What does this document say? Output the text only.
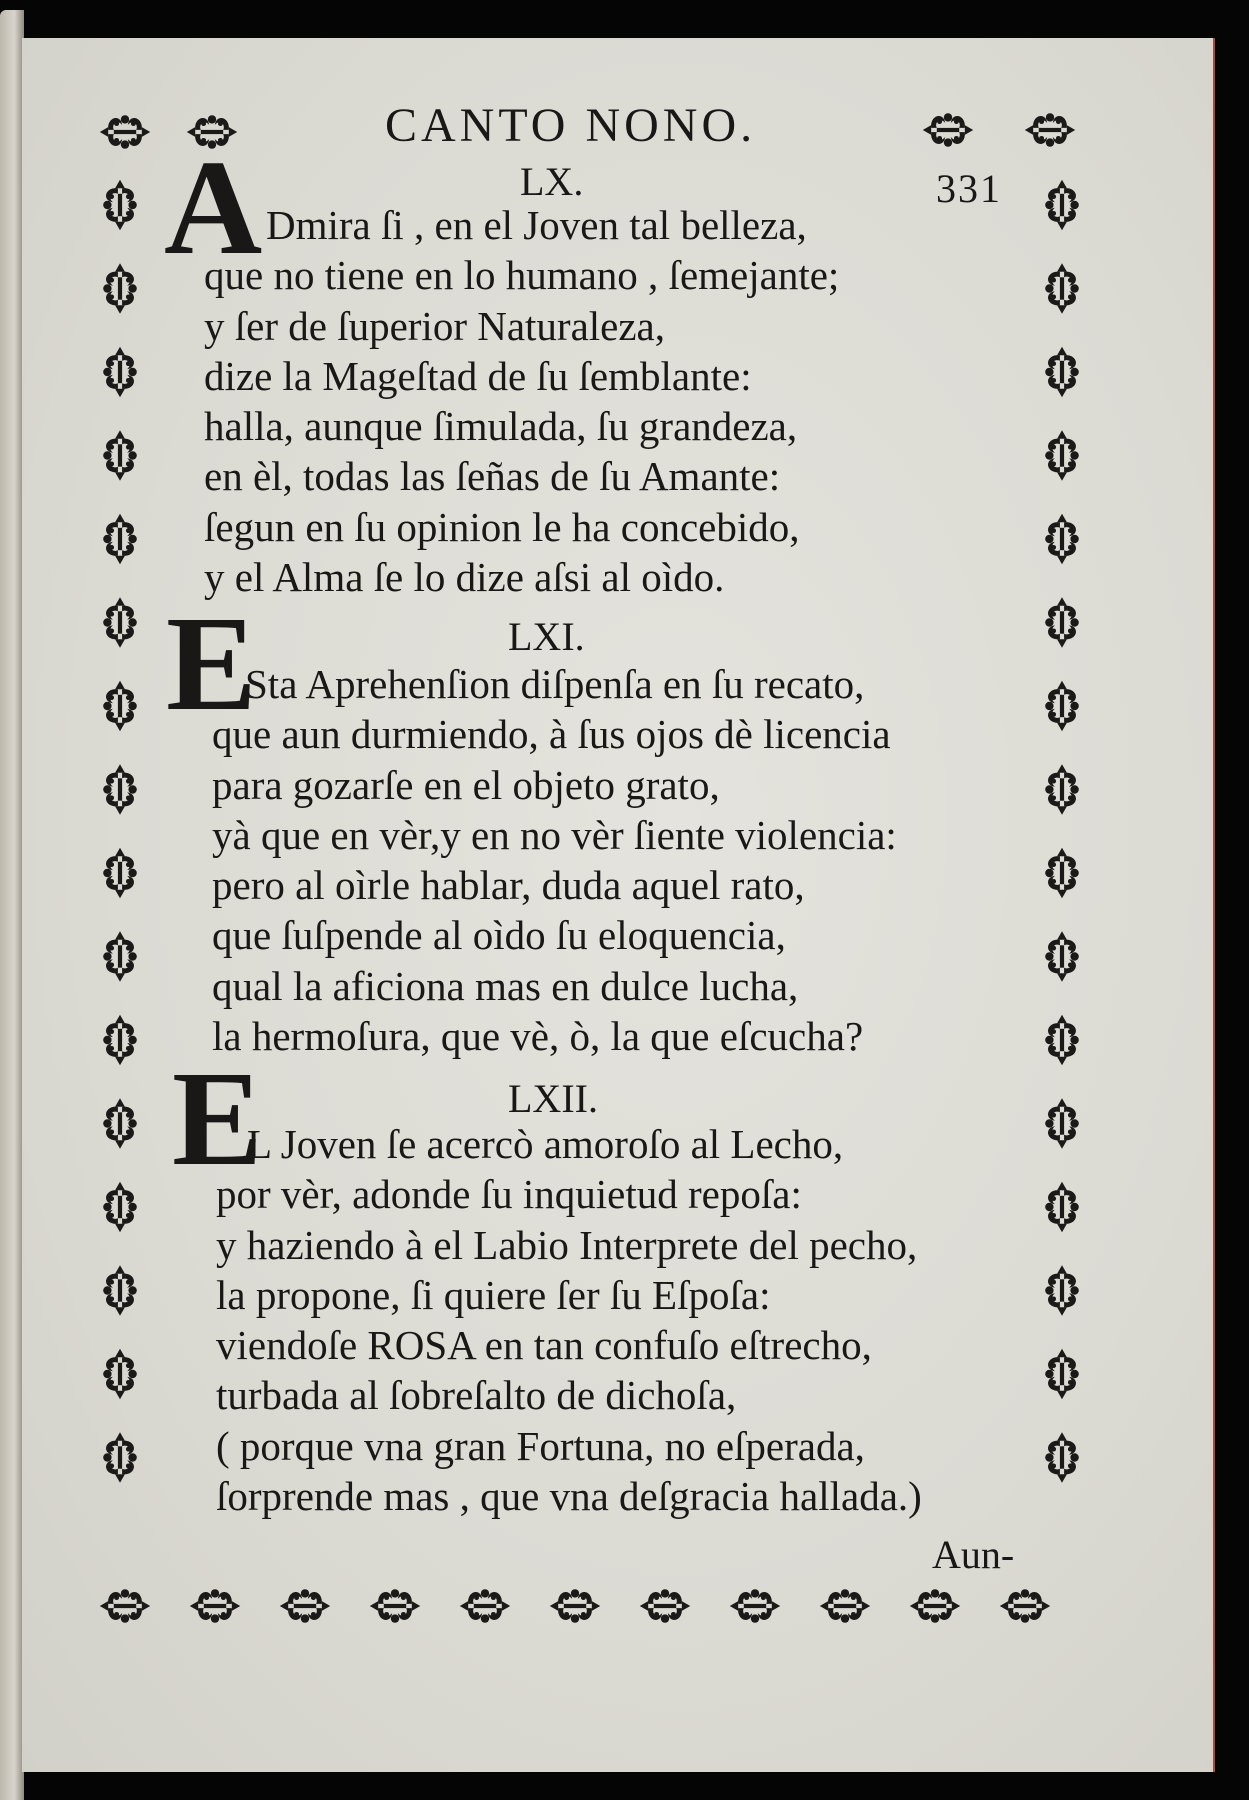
CANTO NONO.
331
LX.
A Dmira ſi , en el Joven tal belleza,
que no tiene en lo humano , ſemejante;
y ſer de ſuperior Naturaleza,
dize la Mageſtad de ſu ſemblante:
halla, aunque ſimulada, ſu grandeza,
en èl, todas las ſeñas de ſu Amante:
ſegun en ſu opinion le ha concebido,
y el Alma ſe lo dize aſsi al oìdo.
LXI.
E
Sta Aprehenſion diſpenſa en ſu recato,
que aun durmiendo, à ſus ojos dè licencia
para gozarſe en el objeto grato,
yà que en vèr,y en no vèr ſiente violencia:
pero al oìrle hablar, duda aquel rato,
que ſuſpende al oìdo ſu eloquencia,
qual la aficiona mas en dulce lucha,
la hermoſura, que vè, ò, la que eſcucha?
LXII.
E
L Joven ſe acercò amoroſo al Lecho,
por vèr, adonde ſu inquietud repoſa:
y haziendo à el Labio Interprete del pecho,
la propone, ſi quiere ſer ſu Eſpoſa:
viendoſe ROSA en tan confuſo eſtrecho,
turbada al ſobreſalto de dichoſa,
( porque vna gran Fortuna, no eſperada,
ſorprende mas , que vna deſgracia hallada.)
Aun-
